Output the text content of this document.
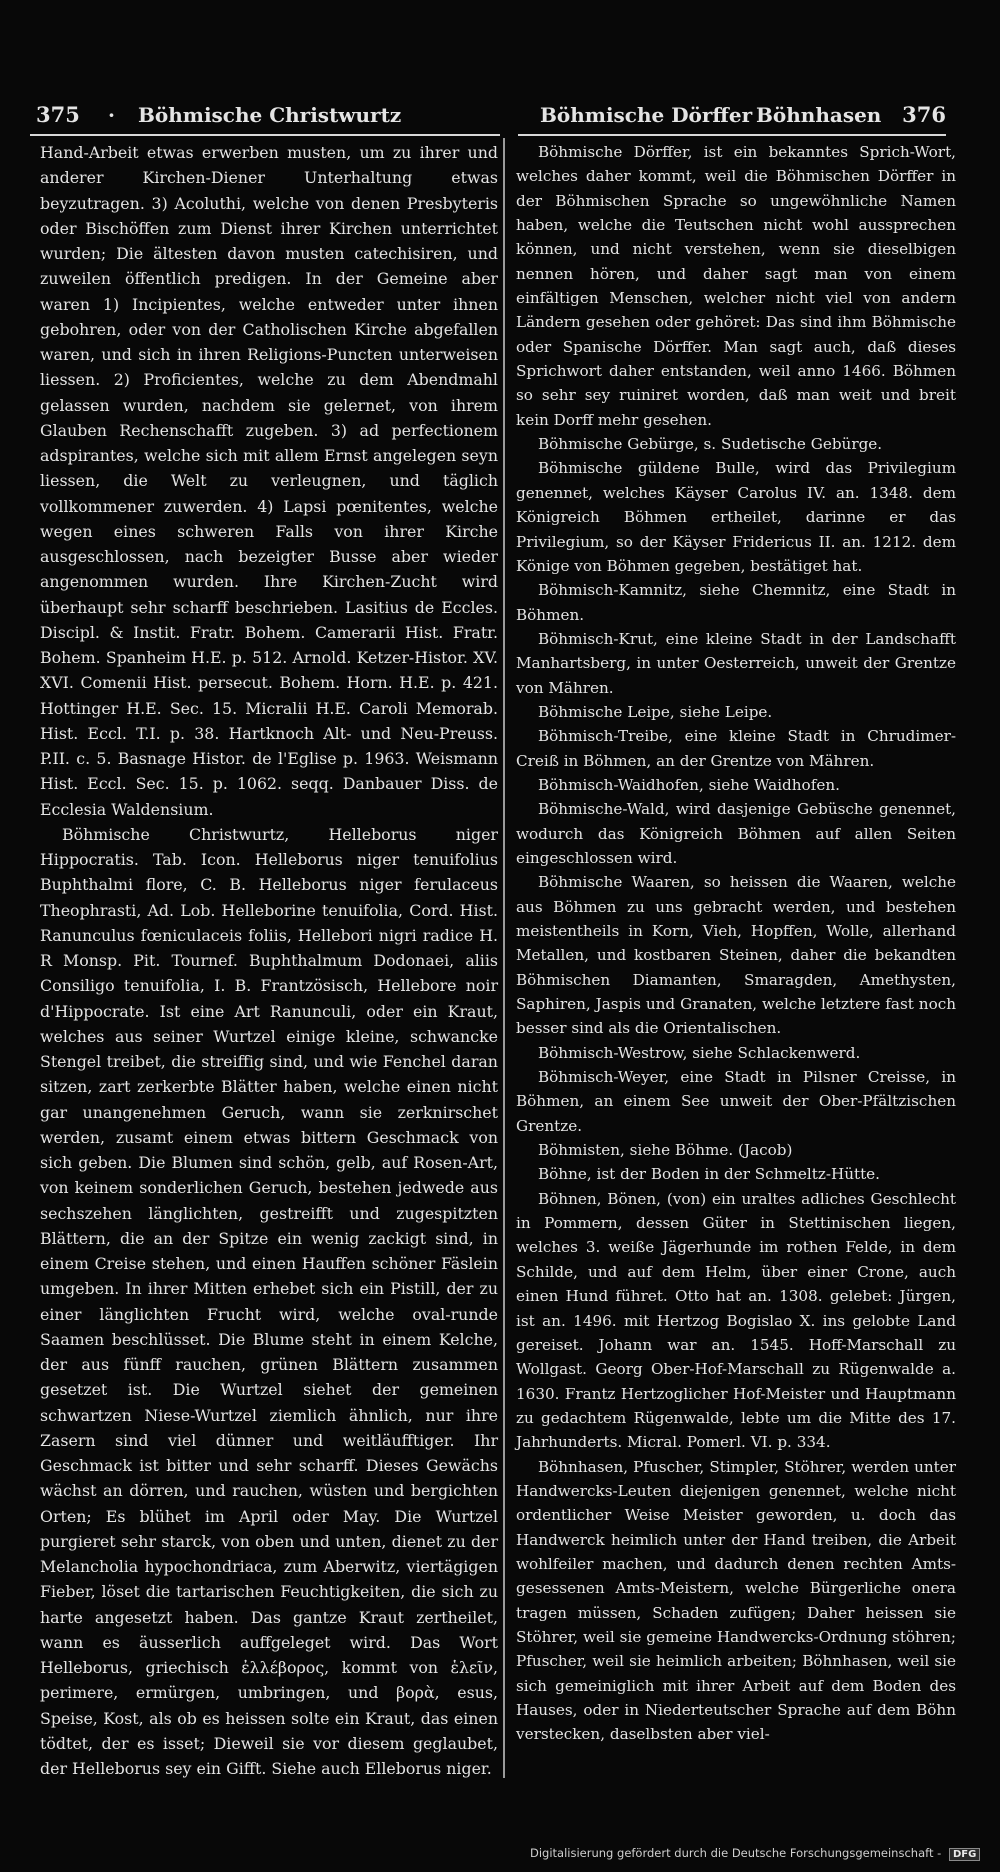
375 · Böhmische Christwurtz	Böhmische Dörffer Böhnhasen 376

Hand-Arbeit etwas erwerben musten, um zu ihrer und anderer Kirchen-Diener Unterhaltung etwas beyzutragen. 3) Acoluthi, welche von denen Presbyteris oder Bischöffen zum Dienst ihrer Kirchen unterrichtet wurden; Die ältesten davon musten catechisiren, und zuweilen öffentlich predigen. In der Gemeine aber waren 1) Incipientes, welche entweder unter ihnen gebohren, oder von der Catholischen Kirche abgefallen waren, und sich in ihren Religions-Puncten unterweisen liessen. 2) Proficientes, welche zu dem Abendmahl gelassen wurden, nachdem sie gelernet, von ihrem Glauben Rechenschafft zugeben. 3) ad perfectionem adspirantes, welche sich mit allem Ernst angelegen seyn liessen, die Welt zu verleugnen, und täglich vollkommener zuwerden. 4) Lapsi pœnitentes, welche wegen eines schweren Falls von ihrer Kirche ausgeschlossen, nach bezeigter Busse aber wieder angenommen wurden. Ihre Kirchen-Zucht wird überhaupt sehr scharff beschrieben. Lasitius de Eccles. Discipl. & Instit. Fratr. Bohem. Camerarii Hist. Fratr. Bohem. Spanheim H.E. p. 512. Arnold. Ketzer-Histor. XV. XVI. Comenii Hist. persecut. Bohem. Horn. H.E. p. 421. Hottinger H.E. Sec. 15. Micralii H.E. Caroli Memorab. Hist. Eccl. T.I. p. 38. Hartknoch Alt- und Neu-Preuss. P.II. c. 5. Basnage Histor. de l'Eglise p. 1963. Weismann Hist. Eccl. Sec. 15. p. 1062. seqq. Danbauer Diss. de Ecclesia Waldensium.

Böhmische Christwurtz, Helleborus niger Hippocratis. Tab. Icon. Helleborus niger tenuifolius Buphthalmi flore, C. B. Helleborus niger ferulaceus Theophrasti, Ad. Lob. Helleborine tenuifolia, Cord. Hist. Ranunculus fœniculaceis foliis, Hellebori nigri radice H. R Monsp. Pit. Tournef. Buphthalmum Dodonaei, aliis Consiligo tenuifolia, I. B. Frantzösisch, Hellebore noir d'Hippocrate. Ist eine Art Ranunculi, oder ein Kraut, welches aus seiner Wurtzel einige kleine, schwancke Stengel treibet, die streiffig sind, und wie Fenchel daran sitzen, zart zerkerbte Blätter haben, welche einen nicht gar unangenehmen Geruch, wann sie zerknirschet werden, zusamt einem etwas bittern Geschmack von sich geben. Die Blumen sind schön, gelb, auf Rosen-Art, von keinem sonderlichen Geruch, bestehen jedwede aus sechszehen länglichten, gestreifft und zugespitzten Blättern, die an der Spitze ein wenig zackigt sind, in einem Creise stehen, und einen Hauffen schöner Fäslein umgeben. In ihrer Mitten erhebet sich ein Pistill, der zu einer länglichten Frucht wird, welche oval-runde Saamen beschlüsset. Die Blume steht in einem Kelche, der aus fünff rauchen, grünen Blättern zusammen gesetzet ist. Die Wurtzel siehet der gemeinen schwartzen Niese-Wurtzel ziemlich ähnlich, nur ihre Zasern sind viel dünner und weitläufftiger. Ihr Geschmack ist bitter und sehr scharff. Dieses Gewächs wächst an dörren, und rauchen, wüsten und bergichten Orten; Es blühet im April oder May. Die Wurtzel purgieret sehr starck, von oben und unten, dienet zu der Melancholia hypochondriaca, zum Aberwitz, viertägigen Fieber, löset die tartarischen Feuchtigkeiten, die sich zu harte angesetzt haben. Das gantze Kraut zertheilet, wann es äusserlich auffgeleget wird. Das Wort Helleborus, griechisch ἐλλέβορος, kommt von ἑλεῖν, perimere, ermürgen, umbringen, und βορὰ, esus, Speise, Kost, als ob es heissen solte ein Kraut, das einen tödtet, der es isset; Dieweil sie vor diesem geglaubet, der Helleborus sey ein Gifft. Siehe auch Elleborus niger.

Böhmische Dörffer, ist ein bekanntes Sprich-Wort, welches daher kommt, weil die Böhmischen Dörffer in der Böhmischen Sprache so ungewöhnliche Namen haben, welche die Teutschen nicht wohl aussprechen können, und nicht verstehen, wenn sie dieselbigen nennen hören, und daher sagt man von einem einfältigen Menschen, welcher nicht viel von andern Ländern gesehen oder gehöret: Das sind ihm Böhmische oder Spanische Dörffer. Man sagt auch, daß dieses Sprichwort daher entstanden, weil anno 1466. Böhmen so sehr sey ruiniret worden, daß man weit und breit kein Dorff mehr gesehen.

Böhmische Gebürge, s. Sudetische Gebürge.

Böhmische güldene Bulle, wird das Privilegium genennet, welches Käyser Carolus IV. an. 1348. dem Königreich Böhmen ertheilet, darinne er das Privilegium, so der Käyser Fridericus II. an. 1212. dem Könige von Böhmen gegeben, bestätiget hat.

Böhmisch-Kamnitz, siehe Chemnitz, eine Stadt in Böhmen.

Böhmisch-Krut, eine kleine Stadt in der Landschafft Manhartsberg, in unter Oesterreich, unweit der Grentze von Mähren.

Böhmische Leipe, siehe Leipe.

Böhmisch-Treibe, eine kleine Stadt in Chrudimer-Creiß in Böhmen, an der Grentze von Mähren.

Böhmisch-Waidhofen, siehe Waidhofen.

Böhmische-Wald, wird dasjenige Gebüsche genennet, wodurch das Königreich Böhmen auf allen Seiten eingeschlossen wird.

Böhmische Waaren, so heissen die Waaren, welche aus Böhmen zu uns gebracht werden, und bestehen meistentheils in Korn, Vieh, Hopffen, Wolle, allerhand Metallen, und kostbaren Steinen, daher die bekandten Böhmischen Diamanten, Smaragden, Amethysten, Saphiren, Jaspis und Granaten, welche letztere fast noch besser sind als die Orientalischen.

Böhmisch-Westrow, siehe Schlackenwerd.

Böhmisch-Weyer, eine Stadt in Pilsner Creisse, in Böhmen, an einem See unweit der Ober-Pfältzischen Grentze.

Böhmisten, siehe Böhme. (Jacob)

Böhne, ist der Boden in der Schmeltz-Hütte.

Böhnen, Bönen, (von) ein uraltes adliches Geschlecht in Pommern, dessen Güter in Stettinischen liegen, welches 3. weiße Jägerhunde im rothen Felde, in dem Schilde, und auf dem Helm, über einer Crone, auch einen Hund führet. Otto hat an. 1308. gelebet: Jürgen, ist an. 1496. mit Hertzog Bogislao X. ins gelobte Land gereiset. Johann war an. 1545. Hoff-Marschall zu Wollgast. Georg Ober-Hof-Marschall zu Rügenwalde a. 1630. Frantz Hertzoglicher Hof-Meister und Hauptmann zu gedachtem Rügenwalde, lebte um die Mitte des 17. Jahrhunderts. Micral. Pomerl. VI. p. 334.

Böhnhasen, Pfuscher, Stimpler, Stöhrer, werden unter Handwercks-Leuten diejenigen genennet, welche nicht ordentlicher Weise Meister geworden, u. doch das Handwerck heimlich unter der Hand treiben, die Arbeit wohlfeiler machen, und dadurch denen rechten Amts-gesessenen Amts-Meistern, welche Bürgerliche onera tragen müssen, Schaden zufügen; Daher heissen sie Stöhrer, weil sie gemeine Handwercks-Ordnung stöhren; Pfuscher, weil sie heimlich arbeiten; Böhnhasen, weil sie sich gemeiniglich mit ihrer Arbeit auf dem Boden des Hauses, oder in Niederteutscher Sprache auf dem Böhn verstecken, daselbsten aber viel-

Digitalisierung gefördert durch die Deutsche Forschungsgemeinschaft - DFG
